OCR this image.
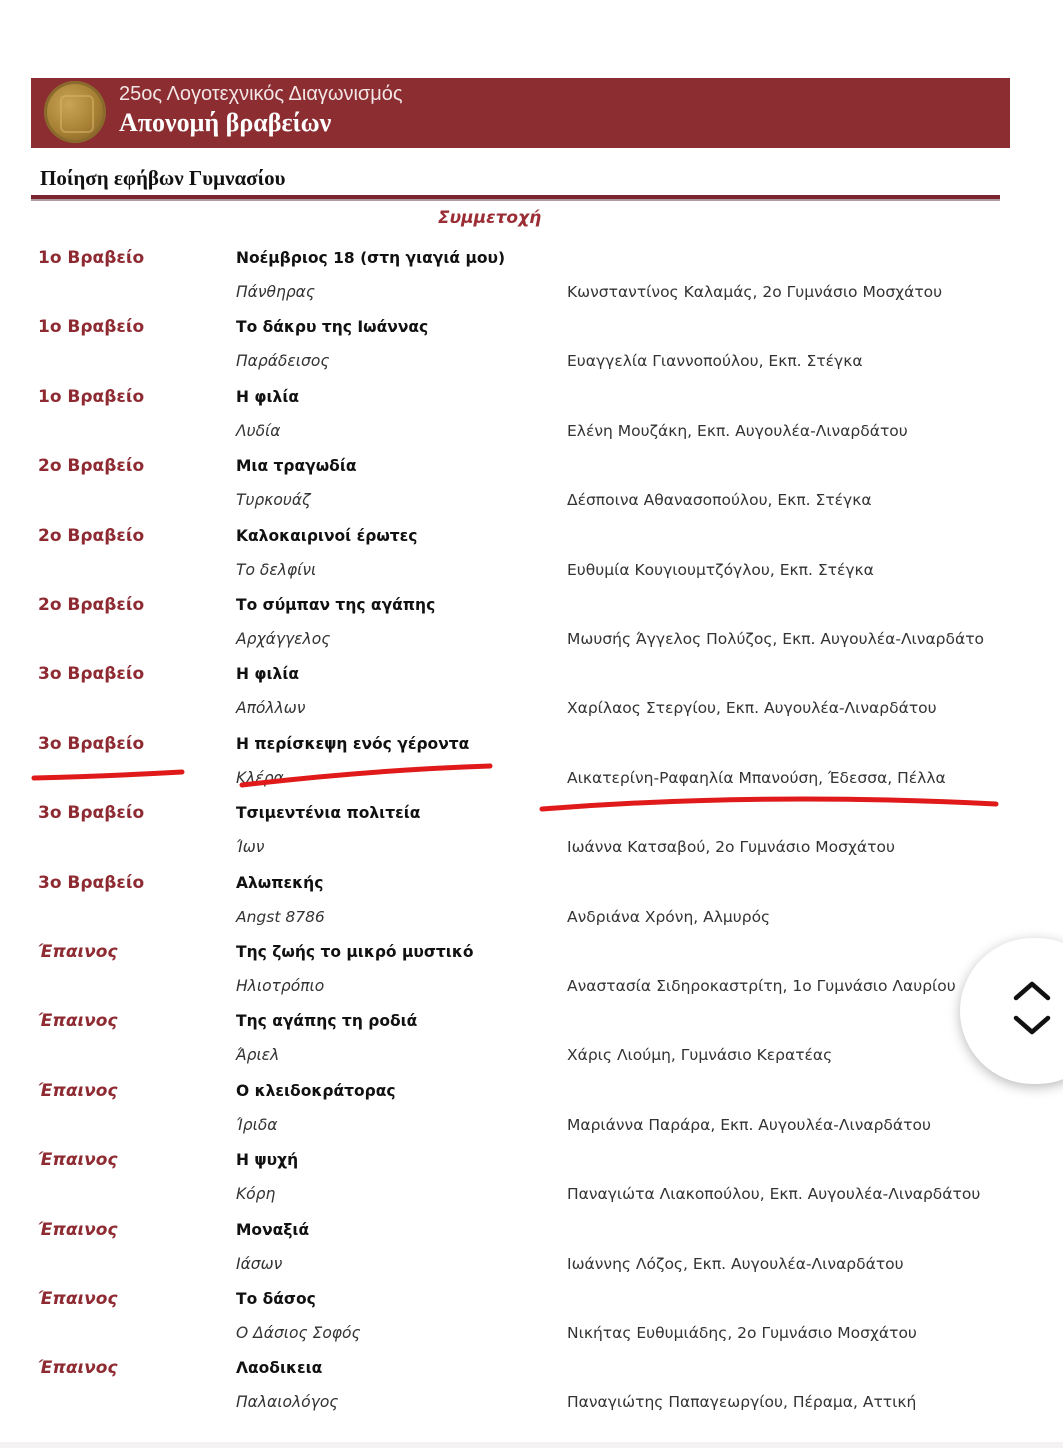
25ος Λογοτεχνικός Διαγωνισμός
Απονομή βραβείων
Ποίηση εφήβων Γυμνασίου
Συμμετοχή
1ο Βραβείο	Νοέμβριος 18 (στη γιαγιά μου)
Πάνθηρας	Κωνσταντίνος Καλαμάς, 2ο Γυμνάσιο Μοσχάτου
1ο Βραβείο	Το δάκρυ της Ιωάννας
Παράδεισος	Ευαγγελία Γιαννοπούλου, Εκπ. Στέγκα
1ο Βραβείο	Η φιλία
Λυδία	Ελένη Μουζάκη, Εκπ. Αυγουλέα-Λιναρδάτου
2ο Βραβείο	Μια τραγωδία
Τυρκουάζ	Δέσποινα Αθανασοπούλου, Εκπ. Στέγκα
2ο Βραβείο	Καλοκαιρινοί έρωτες
Το δελφίνι	Ευθυμία Κουγιουμτζόγλου, Εκπ. Στέγκα
2ο Βραβείο	Το σύμπαν της αγάπης
Αρχάγγελος	Μωυσής Άγγελος Πολύζος, Εκπ. Αυγουλέα-Λιναρδάτο
3ο Βραβείο	Η φιλία
Απόλλων	Χαρίλαος Στεργίου, Εκπ. Αυγουλέα-Λιναρδάτου
3ο Βραβείο	Η περίσκεψη ενός γέροντα
Κλέρα	Αικατερίνη-Ραφαηλία Μπανούση, Έδεσσα, Πέλλα
3ο Βραβείο	Τσιμεντένια πολιτεία
Ίων	Ιωάννα Κατσαβού, 2ο Γυμνάσιο Μοσχάτου
3ο Βραβείο	Αλωπεκής
Angst 8786	Ανδριάνα Χρόνη, Αλμυρός
Έπαινος	Της ζωής το μικρό μυστικό
Ηλιοτρόπιο	Αναστασία Σιδηροκαστρίτη, 1ο Γυμνάσιο Λαυρίου
Έπαινος	Της αγάπης τη ροδιά
Άριελ	Χάρις Λιούμη, Γυμνάσιο Κερατέας
Έπαινος	Ο κλειδοκράτορας
Ίριδα	Μαριάννα Παράρα, Εκπ. Αυγουλέα-Λιναρδάτου
Έπαινος	Η ψυχή
Κόρη	Παναγιώτα Λιακοπούλου, Εκπ. Αυγουλέα-Λιναρδάτου
Έπαινος	Μοναξιά
Ιάσων	Ιωάννης Λόζος, Εκπ. Αυγουλέα-Λιναρδάτου
Έπαινος	Το δάσος
Ο Δάσιος Σοφός	Νικήτας Ευθυμιάδης, 2ο Γυμνάσιο Μοσχάτου
Έπαινος	Λαοδικεια
Παλαιολόγος	Παναγιώτης Παπαγεωργίου, Πέραμα, Αττική
